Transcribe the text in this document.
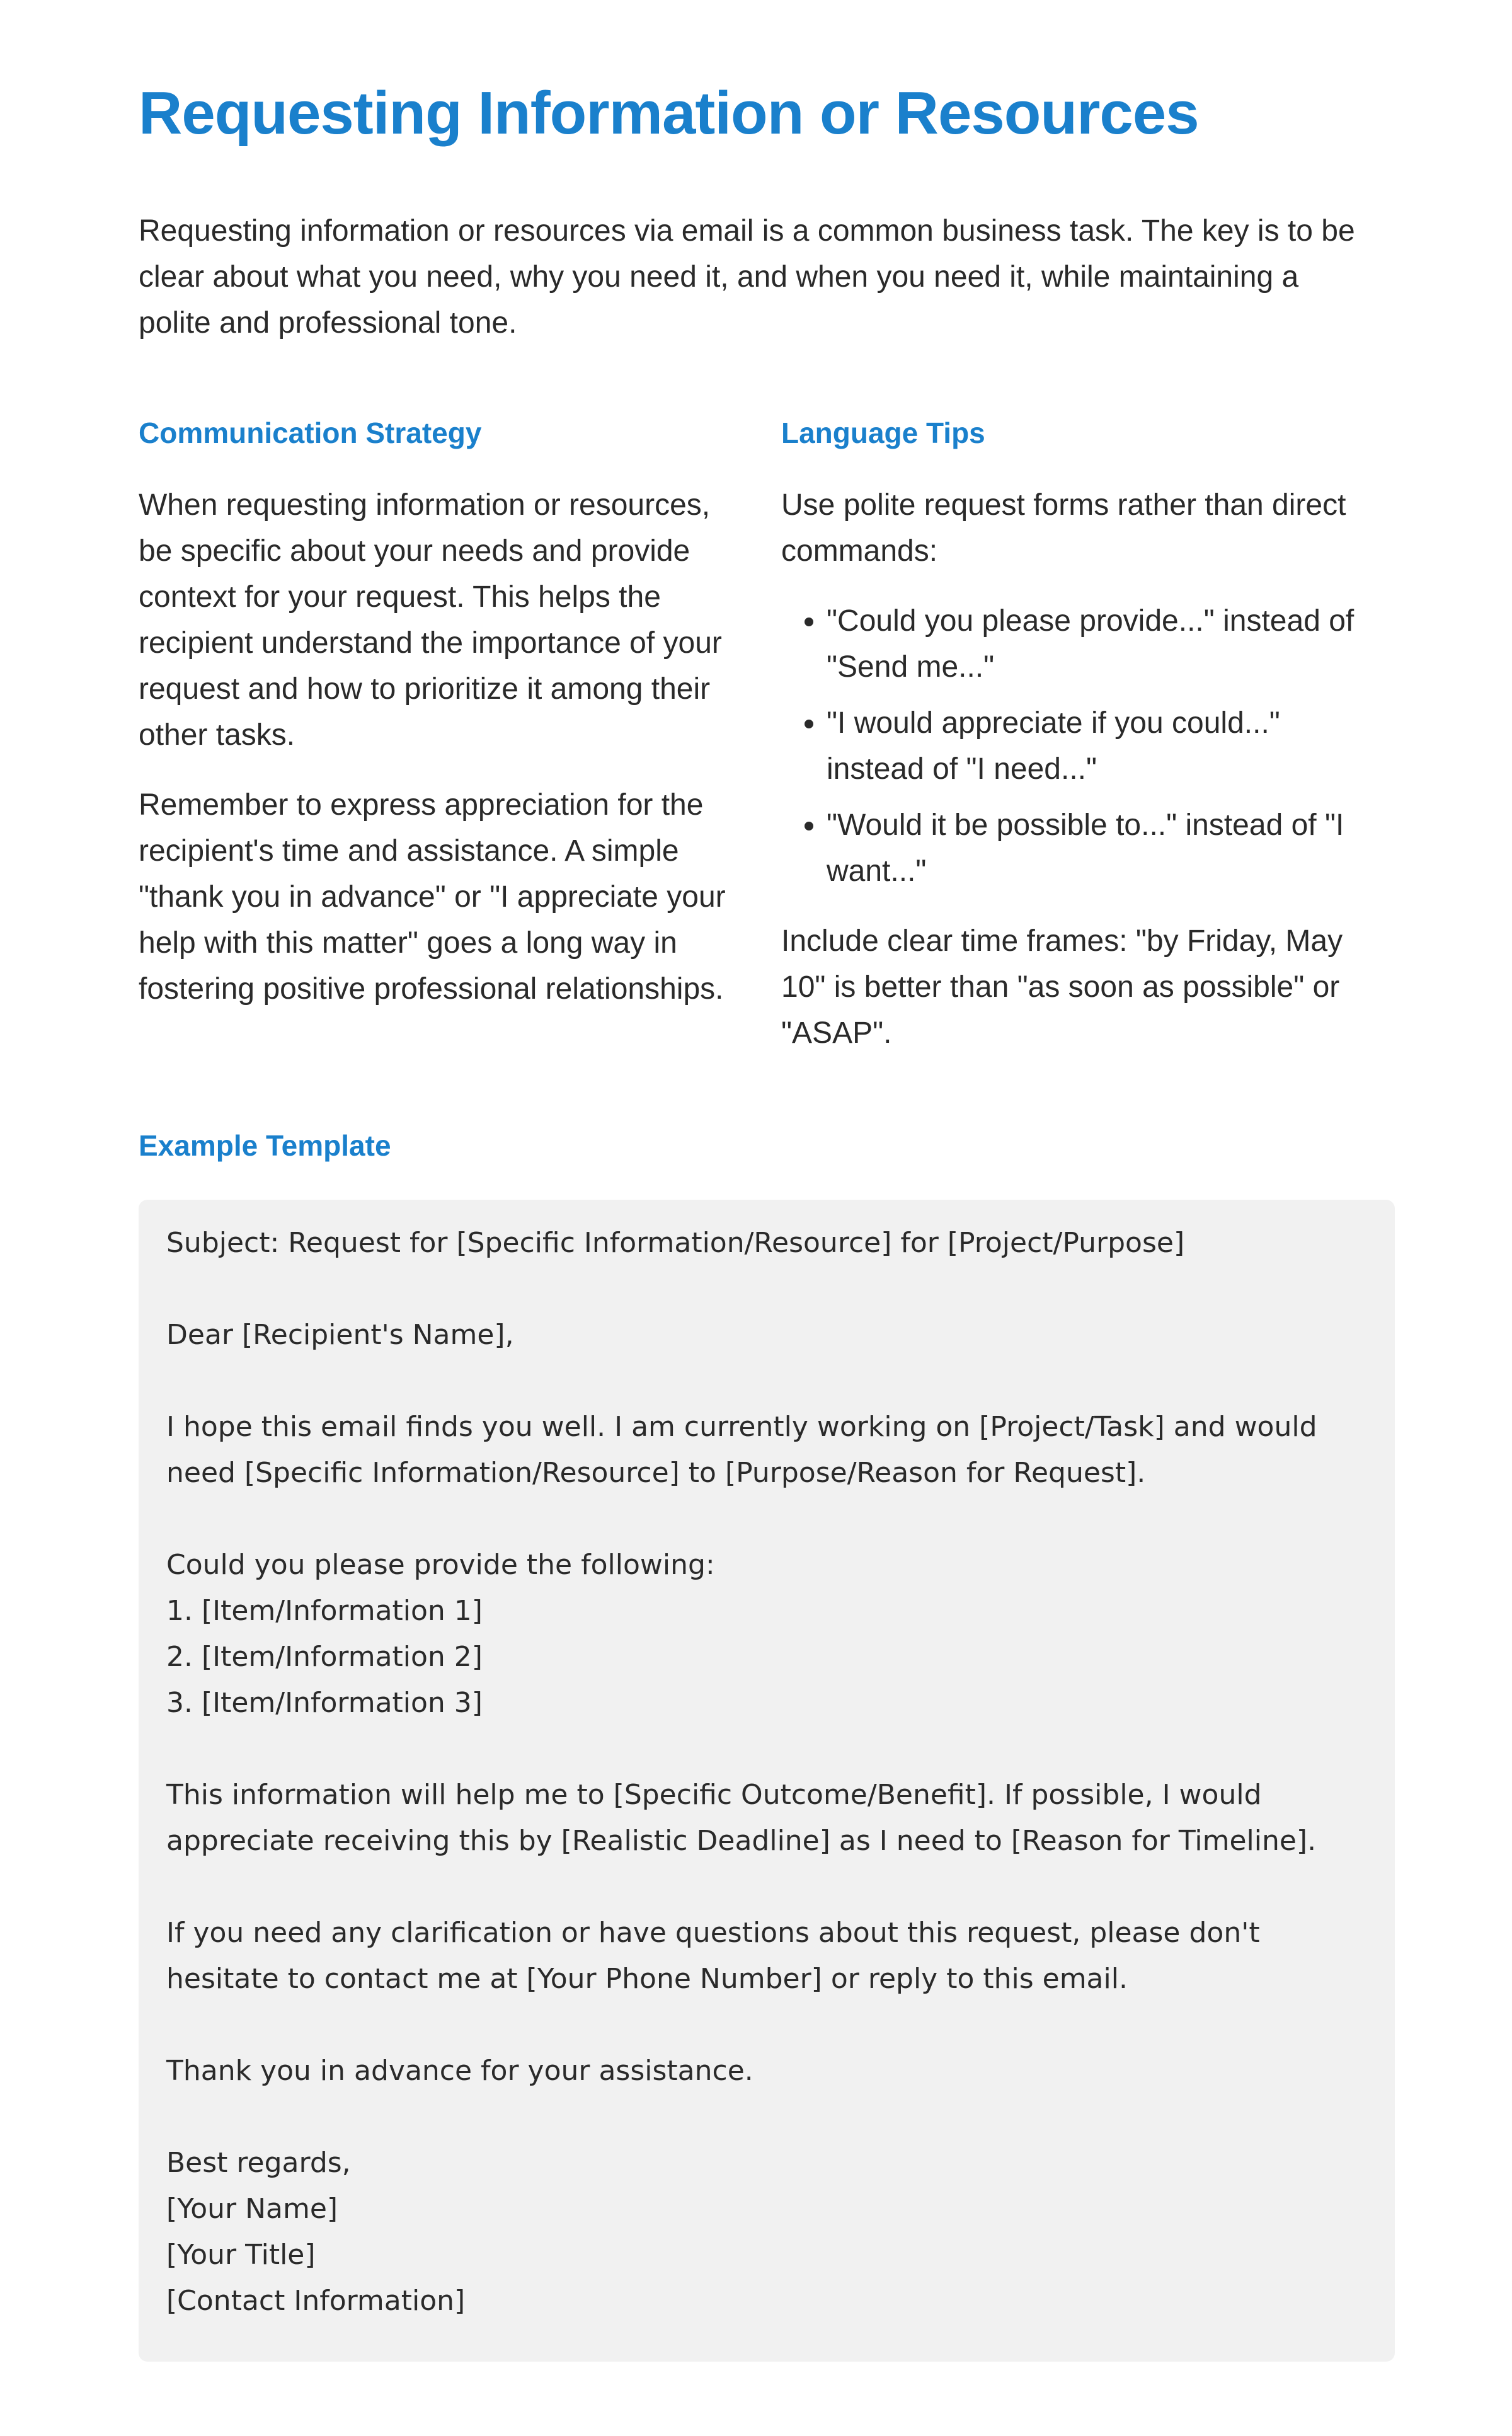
Requesting Information or Resources

Requesting information or resources via email is a common business task. The key is to be clear about what you need, why you need it, and when you need it, while maintaining a polite and professional tone.

Communication Strategy

When requesting information or resources, be specific about your needs and provide context for your request. This helps the recipient understand the importance of your request and how to prioritize it among their other tasks.

Remember to express appreciation for the recipient's time and assistance. A simple "thank you in advance" or "I appreciate your help with this matter" goes a long way in fostering positive professional relationships.

Language Tips

Use polite request forms rather than direct commands:

• "Could you please provide..." instead of "Send me..."
• "I would appreciate if you could..." instead of "I need..."
• "Would it be possible to..." instead of "I want..."

Include clear time frames: "by Friday, May 10" is better than "as soon as possible" or "ASAP".

Example Template
Subject: Request for [Specific Information/Resource] for [Project/Purpose]
Dear [Recipient's Name],
I hope this email finds you well. I am currently working on [Project/Task] and would need [Specific Information/Resource] to [Purpose/Reason for Request].
Could you please provide the following:
1. [Item/Information 1]
2. [Item/Information 2]
3. [Item/Information 3]
This information will help me to [Specific Outcome/Benefit]. If possible, I would appreciate receiving this by [Realistic Deadline] as I need to [Reason for Timeline].
If you need any clarification or have questions about this request, please don't hesitate to contact me at [Your Phone Number] or reply to this email.
Thank you in advance for your assistance.
Best regards,
[Your Name]
[Your Title]
[Contact Information]
